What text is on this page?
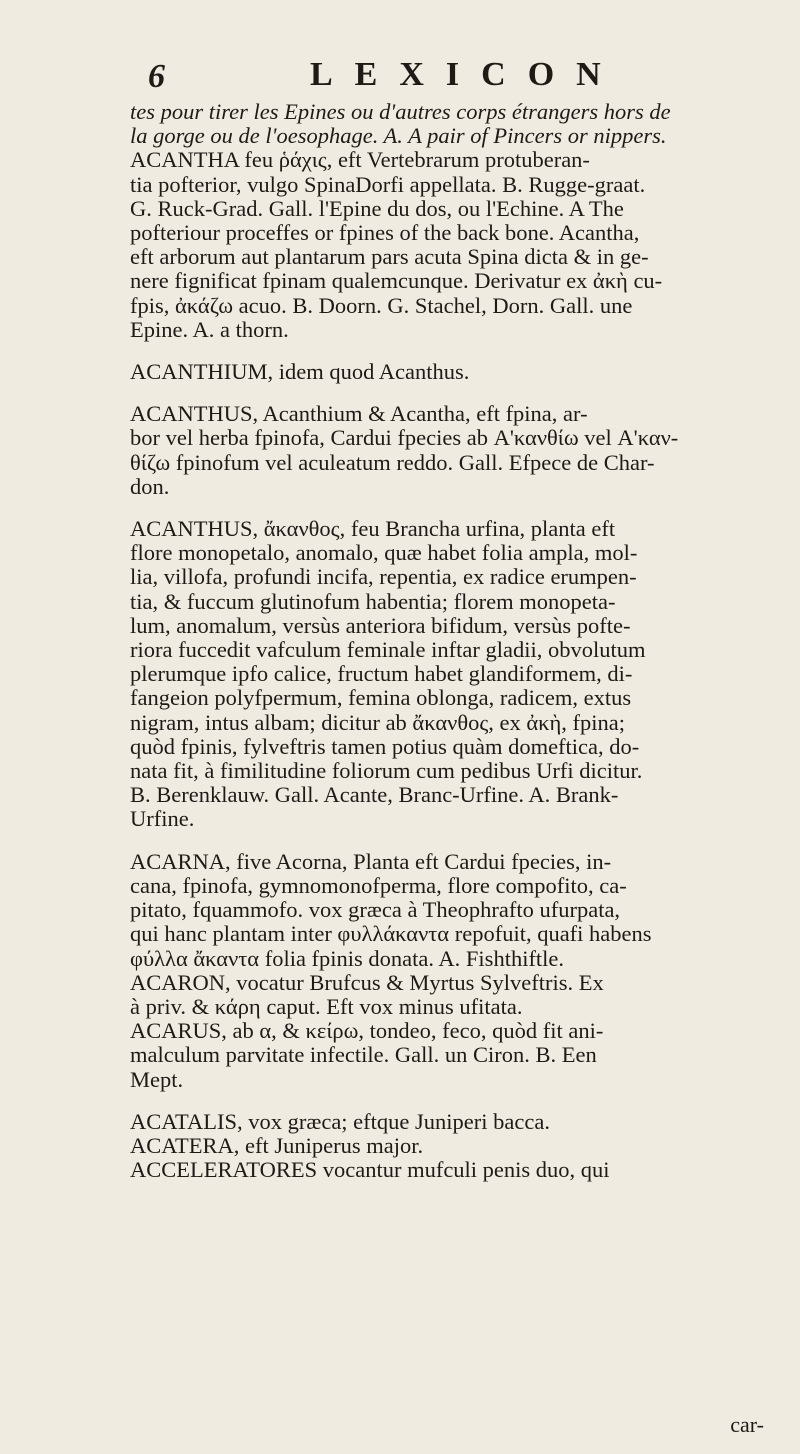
6	LEXICON
tes pour tirer les Epines ou d'autres corps étrangers hors de
la gorge ou de l'oesophage. A. A pair of Pincers or nippers.
ACANTHA feu ῥάχις, eft Vertebrarum protuberan-
tia pofterior, vulgo SpinaDorfi appellata. B. Rugge-graat.
G. Ruck-Grad. Gall. l'Epine du dos, ou l'Echine. A The
pofteriour proceffes or fpines of the back bone. Acantha,
eft arborum aut plantarum pars acuta Spina dicta & in ge-
nere fignificat fpinam qualemcunque. Derivatur ex ἀκὴ cu-
fpis, ἀκάζω acuo. B. Doorn. G. Stachel, Dorn. Gall. une
Epine. A. a thorn.
ACANTHIUM, idem quod Acanthus.
ACANTHUS, Acanthium & Acantha, eft fpina, ar-
bor vel herba fpinofa, Cardui fpecies ab Α'κανθίω vel Α'καν-
θίζω fpinofum vel aculeatum reddo. Gall. Efpece de Char-
don.
ACANTHUS, ἄκανθος, feu Brancha urfina, planta eft
flore monopetalo, anomalo, quæ habet folia ampla, mol-
lia, villofa, profundi incifa, repentia, ex radice erumpen-
tia, & fuccum glutinofum habentia; florem monopeta-
lum, anomalum, versùs anteriora bifidum, versùs pofte-
riora fuccedit vafculum feminale inftar gladii, obvolutum
plerumque ipfo calice, fructum habet glandiformem, di-
fangeion polyfpermum, femina oblonga, radicem, extus
nigram, intus albam; dicitur ab ἄκανθος, ex ἀκὴ, fpina;
quòd fpinis, fylveftris tamen potius quàm domeftica, do-
nata fit, à fimilitudine foliorum cum pedibus Urfi dicitur.
B. Berenklauw. Gall. Acante, Branc-Urfine. A. Brank-
Urfine.
ACARNA, five Acorna, Planta eft Cardui fpecies, in-
cana, fpinofa, gymnomonofperma, flore compofito, ca-
pitato, fquammofo. vox græca à Theophrafto ufurpata,
qui hanc plantam inter φυλλάκαντα repofuit, quafi habens
φύλλα ἄκαντα folia fpinis donata. A. Fishthiftle.
ACARON, vocatur Brufcus & Myrtus Sylveftris. Ex
à priv. & κάρη caput. Eft vox minus ufitata.
ACARUS, ab α, & κείρω, tondeo, feco, quòd fit ani-
malculum parvitate infectile. Gall. un Ciron. B. Een
Mept.
ACATALIS, vox græca; eftque Juniperi bacca.
ACATERA, eft Juniperus major.
ACCELERATORES vocantur mufculi penis duo, qui
car-
